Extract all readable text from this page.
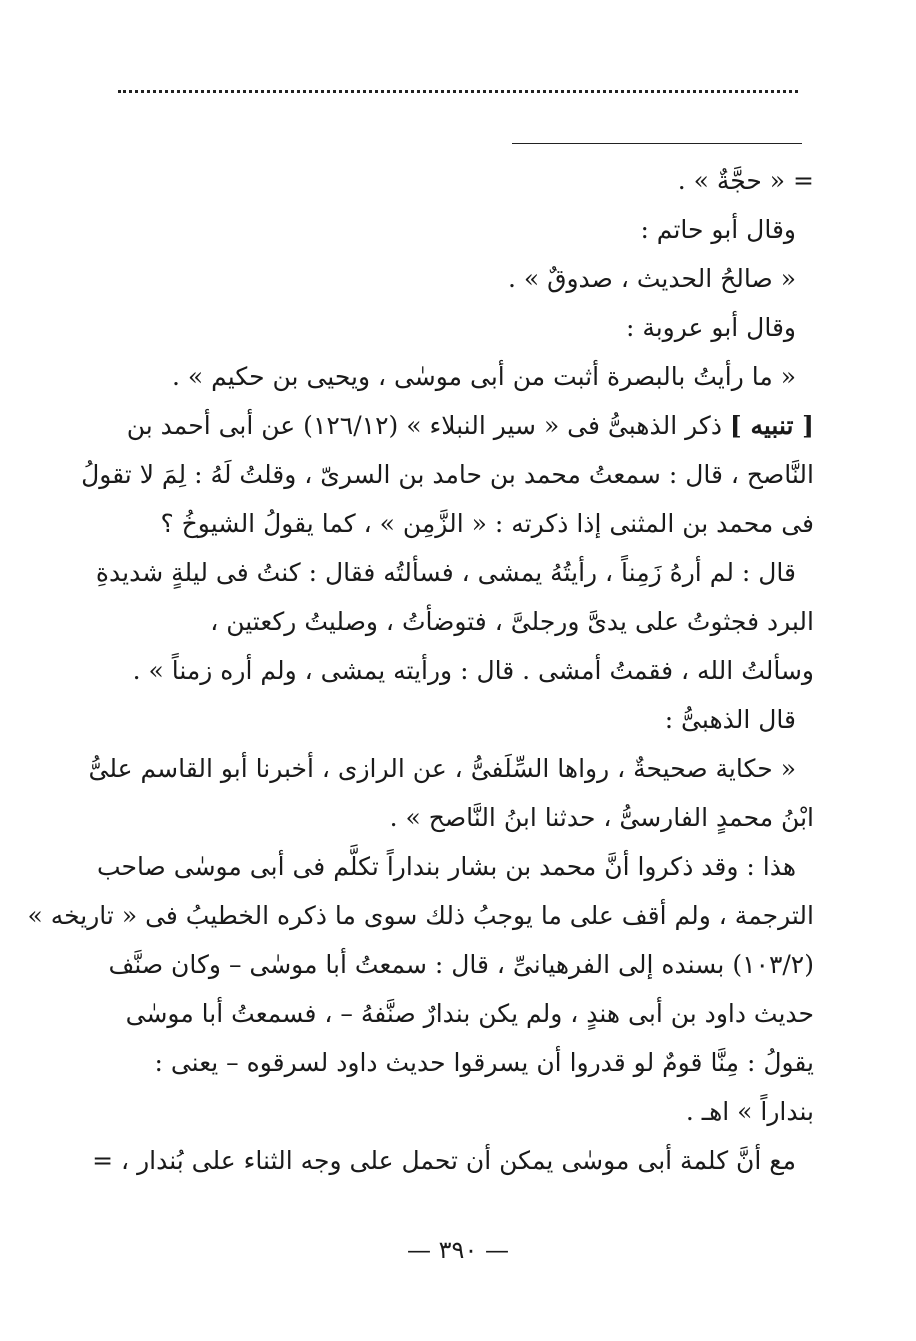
= « حجَّةٌ » .
وقال أبو حاتم :
« صالحُ الحديث ، صدوقٌ » .
وقال أبو عروبة :
« ما رأيتُ بالبصرة أثبت من أبى موسٰى ، ويحيى بن حكيم » .
[ تنبيه ] ذكر الذهبىُّ فى « سير النبلاء » (١٢٦/١٢) عن أبى أحمد بن
النَّاصح ، قال : سمعتُ محمد بن حامد بن السرىّ ، وقلتُ لَهُ : لِمَ لا تقولُ
فى محمد بن المثنى إذا ذكرته : « الزَّمِن » ، كما يقولُ الشيوخُ ؟
قال : لم أرهُ زَمِناً ، رأيتُهُ يمشى ، فسألتُه فقال : كنتُ فى ليلةٍ شديدةِ
البرد فجثوتُ على يدىَّ ورجلىَّ ، فتوضأتُ ، وصليتُ ركعتين ،
وسألتُ الله ، فقمتُ أمشى . قال : ورأيته يمشى ، ولم أره زمناً » .
قال الذهبىُّ :
« حكاية صحيحةٌ ، رواها السِّلَفىُّ ، عن الرازى ، أخبرنا أبو القاسم علىُّ
ابْنُ محمدٍ الفارسىُّ ، حدثنا ابنُ النَّاصح » .
هذا : وقد ذكروا أنَّ محمد بن بشار بنداراً تكلَّم فى أبى موسٰى صاحب
الترجمة ، ولم أقف على ما يوجبُ ذلك سوى ما ذكره الخطيبُ فى « تاريخه »
(١٠٣/٢) بسنده إلى الفرهيانىِّ ، قال : سمعتُ أبا موسٰى – وكان صنَّف
حديث داود بن أبى هندٍ ، ولم يكن بندارٌ صنَّفهُ – ، فسمعتُ أبا موسٰى
يقولُ : مِنَّا قومٌ لو قدروا أن يسرقوا حديث داود لسرقوه – يعنى :
بنداراً » اهـ .
مع أنَّ كلمة أبى موسٰى يمكن أن تحمل على وجه الثناء على بُندار ، =
— ٣٩٠ —
